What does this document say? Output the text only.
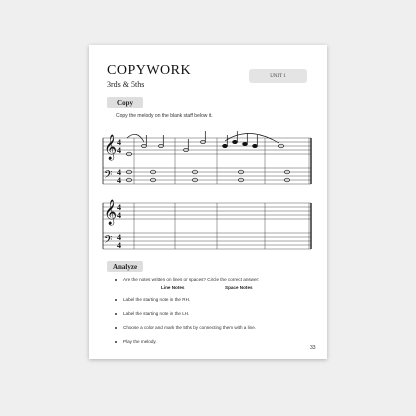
COPYWORK
3rds & 5ths
UNIT 1
Copy
Copy the melody on the blank staff below it.
𝄞
𝄢
𝄞
𝄢
4
4
4
4
4
4
4
4
Analyze
Are the notes written on lines or spaces? Circle the correct answer:
Line Notes	Space Notes
Label the starting note in the RH.
Label the starting note in the LH.
Choose a color and mark the 5ths by connecting them with a line.
Play the melody.
33
